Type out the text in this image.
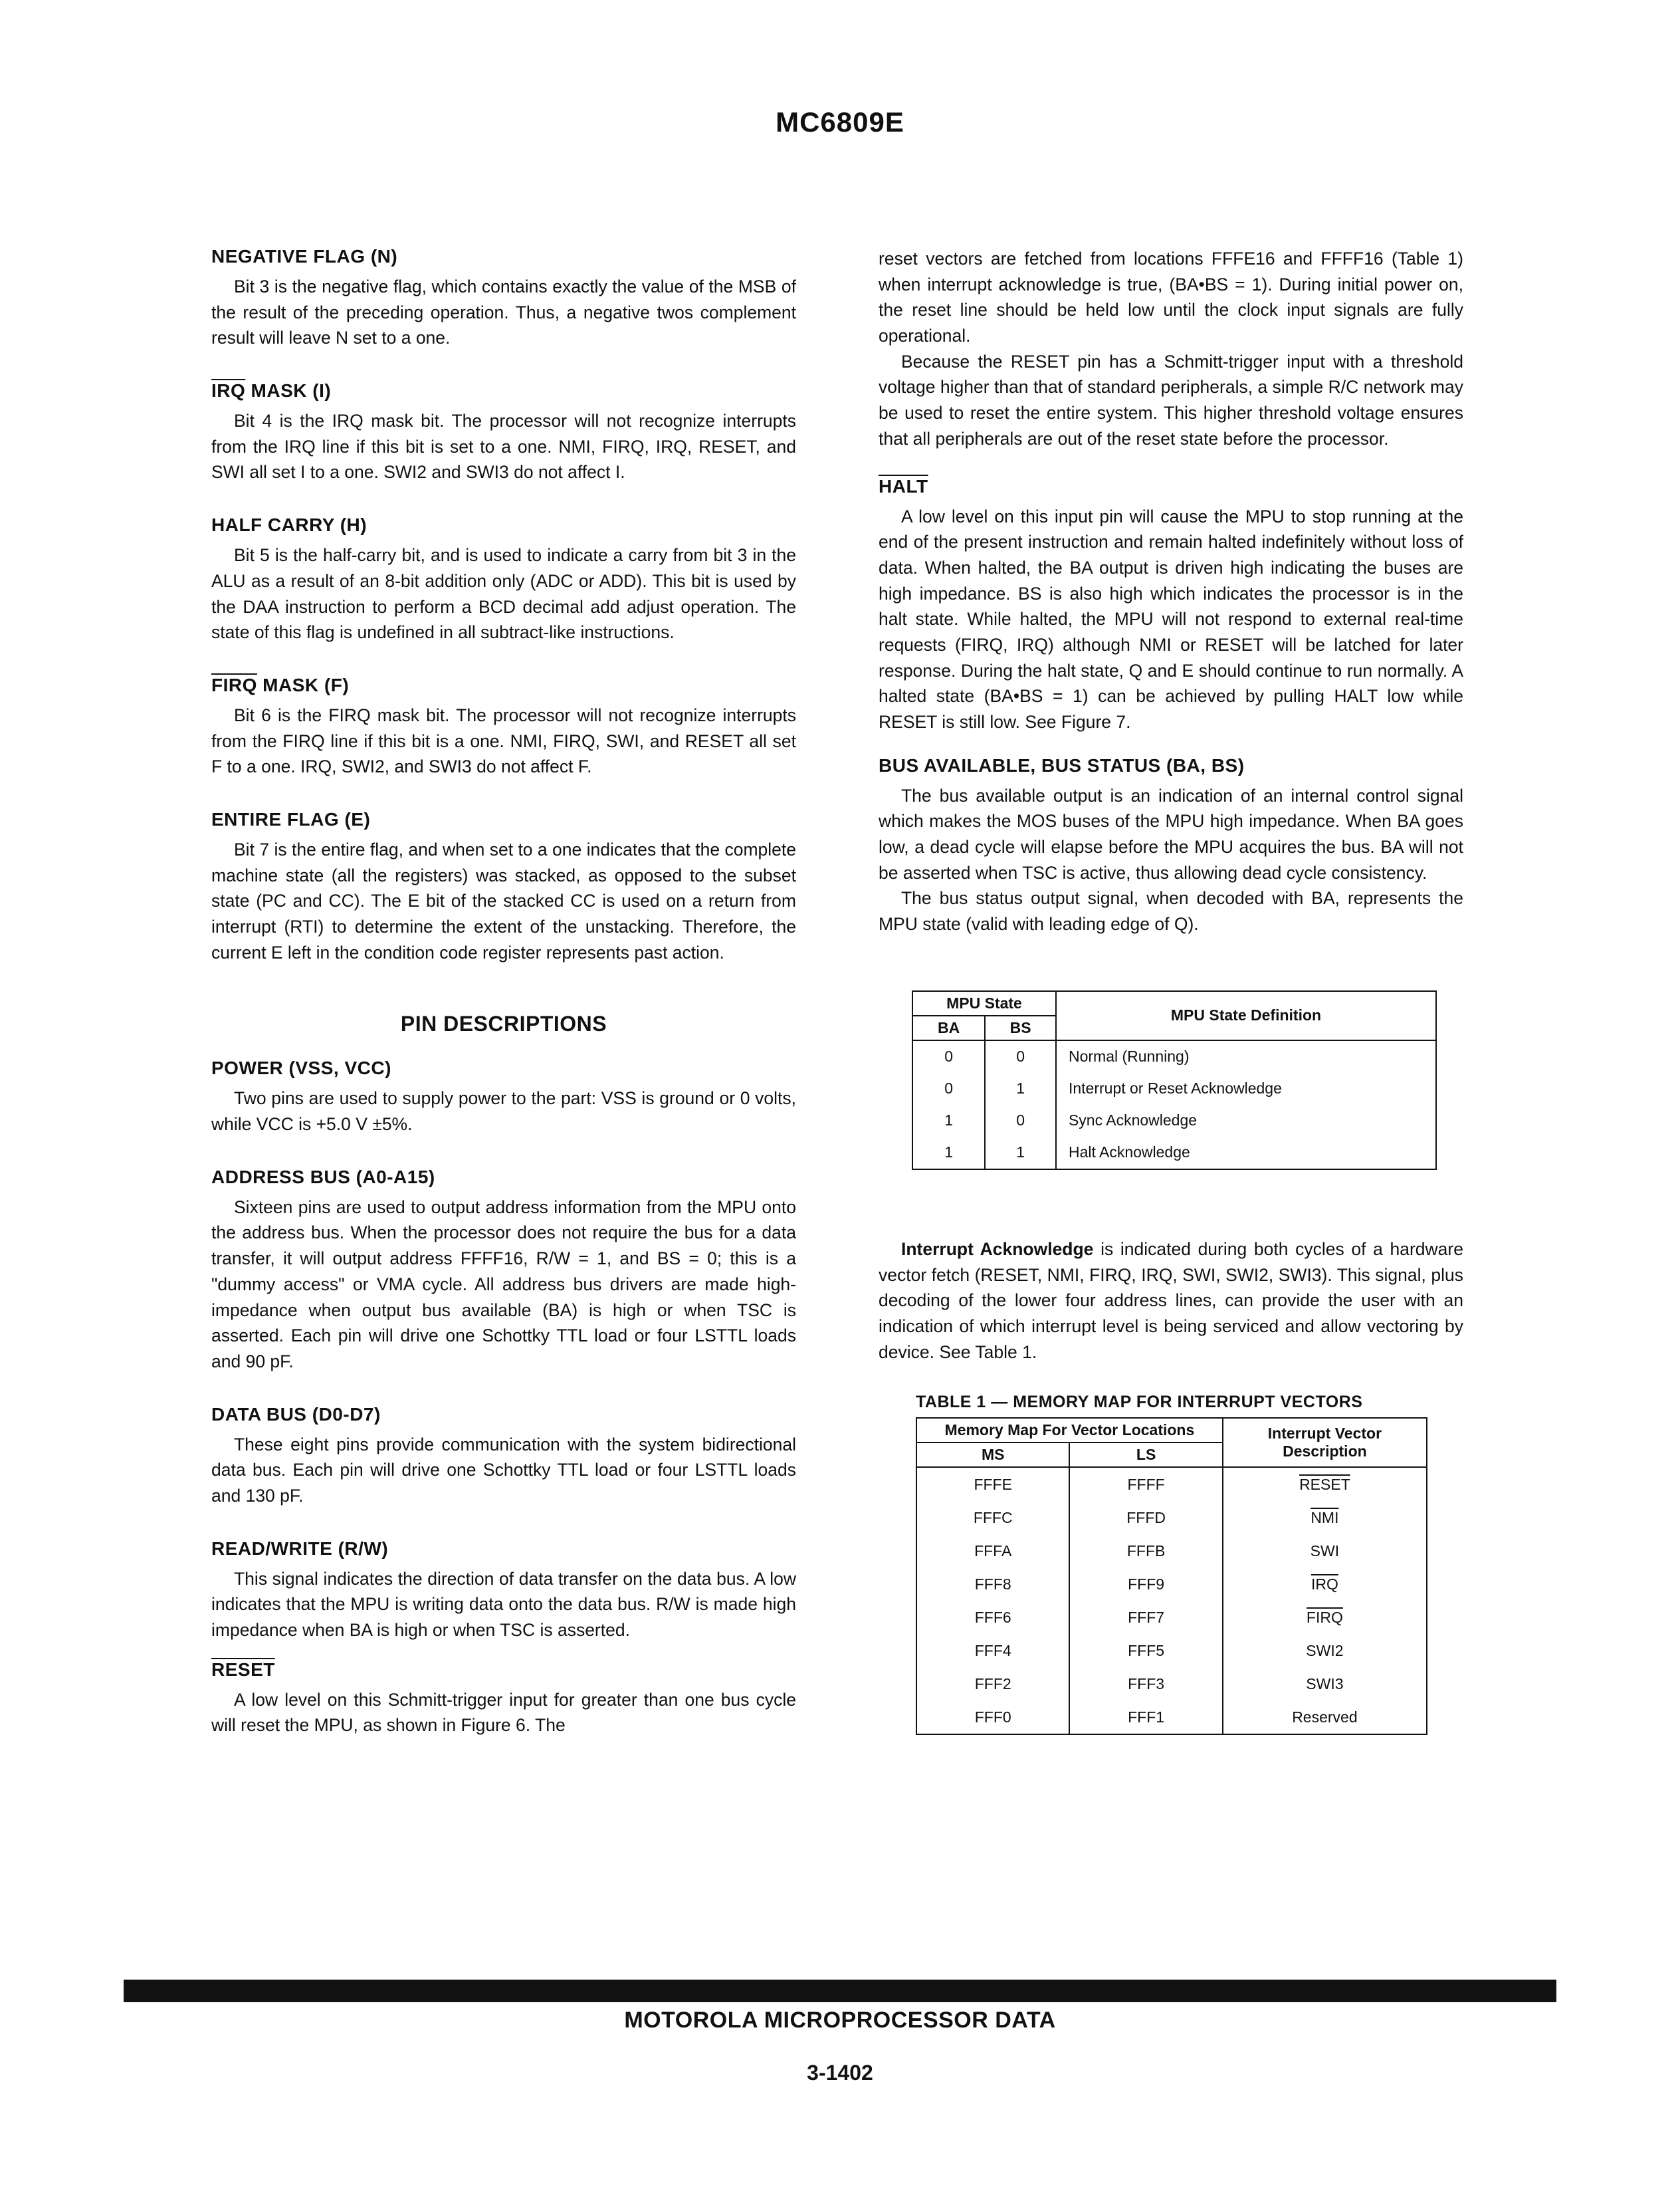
MC6809E
NEGATIVE FLAG (N)

Bit 3 is the negative flag, which contains exactly the value of the MSB of the result of the preceding operation. Thus, a negative twos complement result will leave N set to a one.

$\overline{IRQ}$ MASK (I)

Bit 4 is the IRQ mask bit. The processor will not recognize interrupts from the IRQ line if this bit is set to a one. NMI, FIRQ, IRQ, RESET, and SWI all set I to a one. SWI2 and SWI3 do not affect I.

HALF CARRY (H)

Bit 5 is the half-carry bit, and is used to indicate a carry from bit 3 in the ALU as a result of an 8-bit addition only (ADC or ADD). This bit is used by the DAA instruction to perform a BCD decimal add adjust operation. The state of this flag is undefined in all subtract-like instructions.

FIRQ MASK (F)

Bit 6 is the FIRQ mask bit. The processor will not recognize interrupts from the FIRQ line if this bit is a one. NMI, FIRQ, SWI, and RESET all set F to a one. IRQ, SWI2, and SWI3 do not affect F.

ENTIRE FLAG (E)

Bit 7 is the entire flag, and when set to a one indicates that the complete machine state (all the registers) was stacked, as opposed to the subset state (PC and CC). The E bit of the stacked CC is used on a return from interrupt (RTI) to determine the extent of the unstacking. Therefore, the current E left in the condition code register represents past action.

PIN DESCRIPTIONS
POWER (VSS, VCC)

Two pins are used to supply power to the part: VSS is ground or 0 volts, while VCC is +5.0 V ±5%.

ADDRESS BUS (A0-A15)

Sixteen pins are used to output address information from the MPU onto the address bus. When the processor does not require the bus for a data transfer, it will output address FFFF16, R/W = 1, and BS = 0; this is a "dummy access" or VMA cycle. All address bus drivers are made high-impedance when output bus available (BA) is high or when TSC is asserted. Each pin will drive one Schottky TTL load or four LSTTL loads and 90 pF.

DATA BUS (D0-D7)

These eight pins provide communication with the system bidirectional data bus. Each pin will drive one Schottky TTL load or four LSTTL loads and 130 pF.

READ/WRITE (R/W)

This signal indicates the direction of data transfer on the data bus. A low indicates that the MPU is writing data onto the data bus. R/W is made high impedance when BA is high or when TSC is asserted.

RESET

A low level on this Schmitt-trigger input for greater than one bus cycle will reset the MPU, as shown in Figure 6. The

reset vectors are fetched from locations FFFE16 and FFFF16 (Table 1) when interrupt acknowledge is true, (BA•BS = 1). During initial power on, the reset line should be held low until the clock input signals are fully operational.

Because the RESET pin has a Schmitt-trigger input with a threshold voltage higher than that of standard peripherals, a simple R/C network may be used to reset the entire system. This higher threshold voltage ensures that all peripherals are out of the reset state before the processor.

HALT

A low level on this input pin will cause the MPU to stop running at the end of the present instruction and remain halted indefinitely without loss of data. When halted, the BA output is driven high indicating the buses are high impedance. BS is also high which indicates the processor is in the halt state. While halted, the MPU will not respond to external real-time requests (FIRQ, IRQ) although NMI or RESET will be latched for later response. During the halt state, Q and E should continue to run normally. A halted state (BA•BS = 1) can be achieved by pulling HALT low while RESET is still low. See Figure 7.

BUS AVAILABLE, BUS STATUS (BA, BS)

The bus available output is an indication of an internal control signal which makes the MOS buses of the MPU high impedance. When BA goes low, a dead cycle will elapse before the MPU acquires the bus. BA will not be asserted when TSC is active, thus allowing dead cycle consistency.

The bus status output signal, when decoded with BA, represents the MPU state (valid with leading edge of Q).

MPU State		MPU State Definition
BA	BS	
0	0	Normal (Running)
0	1	Interrupt or Reset Acknowledge
1	0	Sync Acknowledge
1	1	Halt Acknowledge

Interrupt Acknowledge is indicated during both cycles of a hardware vector fetch (RESET, NMI, FIRQ, IRQ, SWI, SWI2, SWI3). This signal, plus decoding of the lower four address lines, can provide the user with an indication of which interrupt level is being serviced and allow vectoring by device. See Table 1.

TABLE 1 — MEMORY MAP FOR INTERRUPT VECTORS
Memory Map For Vector Locations		Interrupt Vector Description
MS	LS	
FFFE	FFFF	RESET
FFFC	FFFD	$\overline{NMI}$
FFFA	FFFB	SWI
FFF8	FFF9	$\overline{IRQ}$
FFF6	FFF7	FIRQ
FFF4	FFF5	SWI2
FFF2	FFF3	SWI3
FFF0	FFF1	Reserved
MOTOROLA MICROPROCESSOR DATA
3-1402
